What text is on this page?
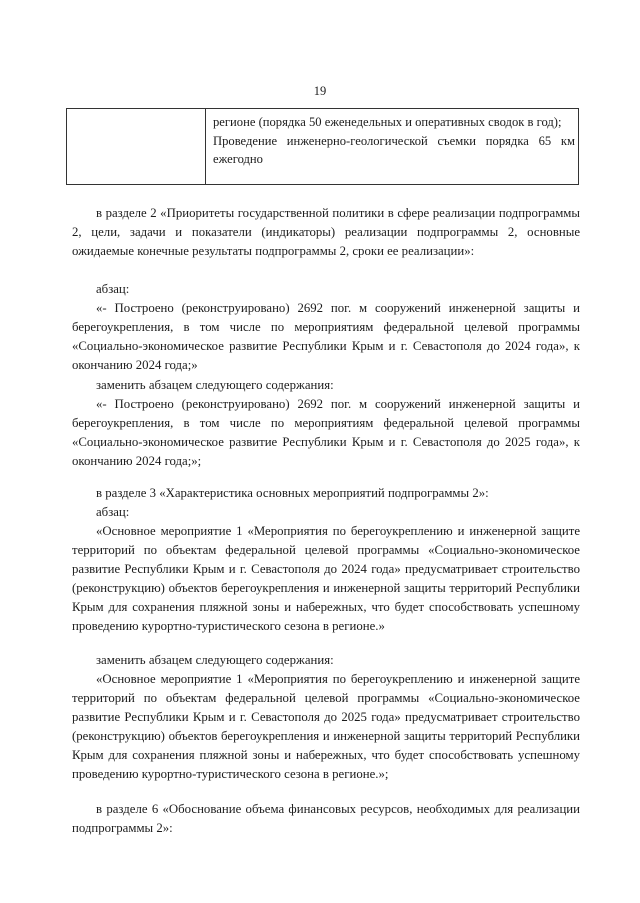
19
регионе (порядка 50 еженедельных и оперативных сводок в год);
Проведение инженерно-геологической съемки порядка 65 км ежегодно
в разделе 2 «Приоритеты государственной политики в сфере реализации подпрограммы 2, цели, задачи и показатели (индикаторы) реализации подпрограммы 2, основные ожидаемые конечные результаты подпрограммы 2, сроки ее реализации»:
абзац:
«- Построено (реконструировано) 2692 пог. м сооружений инженерной защиты и берегоукрепления, в том числе по мероприятиям федеральной целевой программы «Социально-экономическое развитие Республики Крым и г. Севастополя до 2024 года», к окончанию 2024 года;»
заменить абзацем следующего содержания:
«- Построено (реконструировано) 2692 пог. м сооружений инженерной защиты и берегоукрепления, в том числе по мероприятиям федеральной целевой программы «Социально-экономическое развитие Республики Крым и г. Севастополя до 2025 года», к окончанию 2024 года;»;
в разделе 3 «Характеристика основных мероприятий подпрограммы 2»:
абзац:
«Основное мероприятие 1 «Мероприятия по берегоукреплению и инженерной защите территорий по объектам федеральной целевой программы «Социально-экономическое развитие Республики Крым и г. Севастополя до 2024 года» предусматривает строительство (реконструкцию) объектов берегоукрепления и инженерной защиты территорий Республики Крым для сохранения пляжной зоны и набережных, что будет способствовать успешному проведению курортно-туристического сезона в регионе.»
заменить абзацем следующего содержания:
«Основное мероприятие 1 «Мероприятия по берегоукреплению и инженерной защите территорий по объектам федеральной целевой программы «Социально-экономическое развитие Республики Крым и г. Севастополя до 2025 года» предусматривает строительство (реконструкцию) объектов берегоукрепления и инженерной защиты территорий Республики Крым для сохранения пляжной зоны и набережных, что будет способствовать успешному проведению курортно-туристического сезона в регионе.»;
в разделе 6 «Обоснование объема финансовых ресурсов, необходимых для реализации подпрограммы 2»:
